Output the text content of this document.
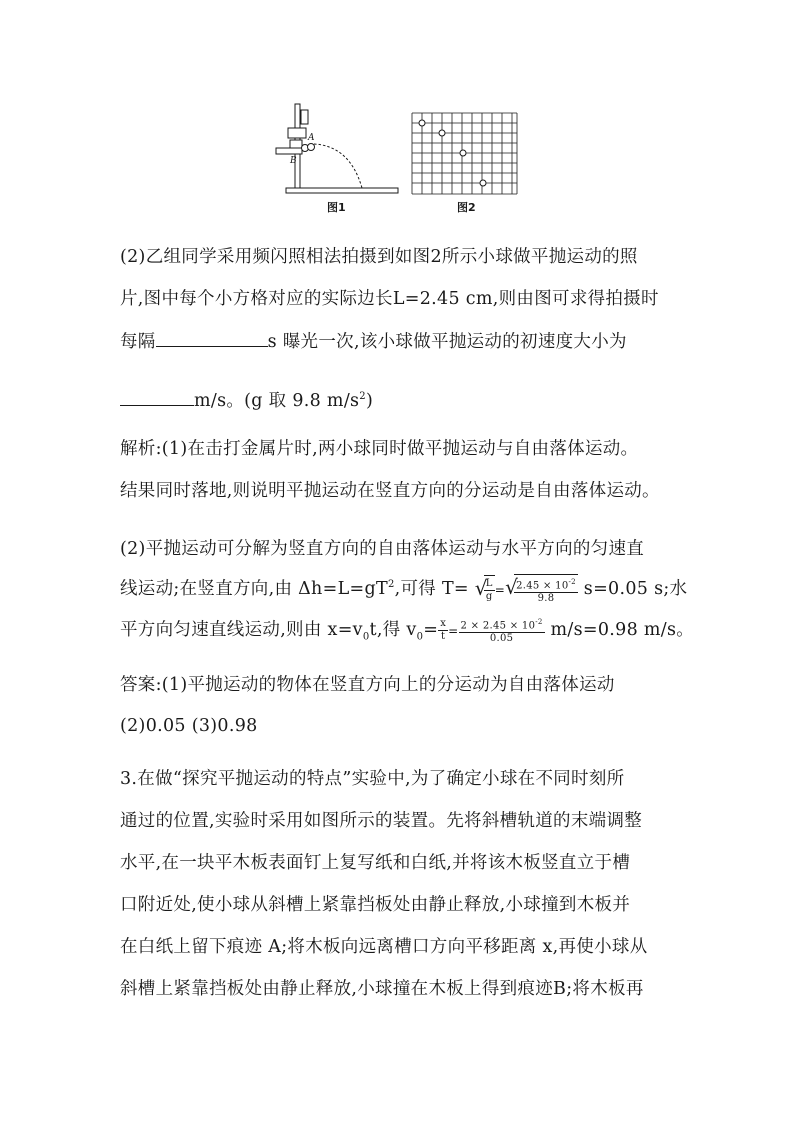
A
B
图1	图2
(2)乙组同学采用频闪照相法拍摄到如图2所示小球做平抛运动的照
片,图中每个小方格对应的实际边长L=2.45 cm,则由图可求得拍摄时
每隔	s 曝光一次,该小球做平抛运动的初速度大小为
m/s。(g 取 9.8 $m/s^2$)
解析:(1)在击打金属片时,两小球同时做平抛运动与自由落体运动。
结果同时落地,则说明平抛运动在竖直方向的分运动是自由落体运动。
(2)平抛运动可分解为竖直方向的自由落体运动与水平方向的匀速直
线运动;在竖直方向,由 $\Delta h=L=gT^2$,可得 T= √
$\frac{L}{g}$ = √
$\frac{2.45 \times 10^{-2}}{9.8} s=0.05$ s;水
平方向匀速直线运动,则由 $x=v_0t$,得 $v_0= \frac{x}{t} = \frac{2 \times 2.45 \times 10^{-2}}{0.05} m/s=0.98$ m/s。
答案:(1)平抛运动的物体在竖直方向上的分运动为自由落体运动
(2)0.05 (3)0.98
3.在做“探究平抛运动的特点”实验中,为了确定小球在不同时刻所
通过的位置,实验时采用如图所示的装置。先将斜槽轨道的末端调整
水平,在一块平木板表面钉上复写纸和白纸,并将该木板竖直立于槽
口附近处,使小球从斜槽上紧靠挡板处由静止释放,小球撞到木板并
在白纸上留下痕迹 A;将木板向远离槽口方向平移距离 x,再使小球从
斜槽上紧靠挡板处由静止释放,小球撞在木板上得到痕迹B;将木板再
